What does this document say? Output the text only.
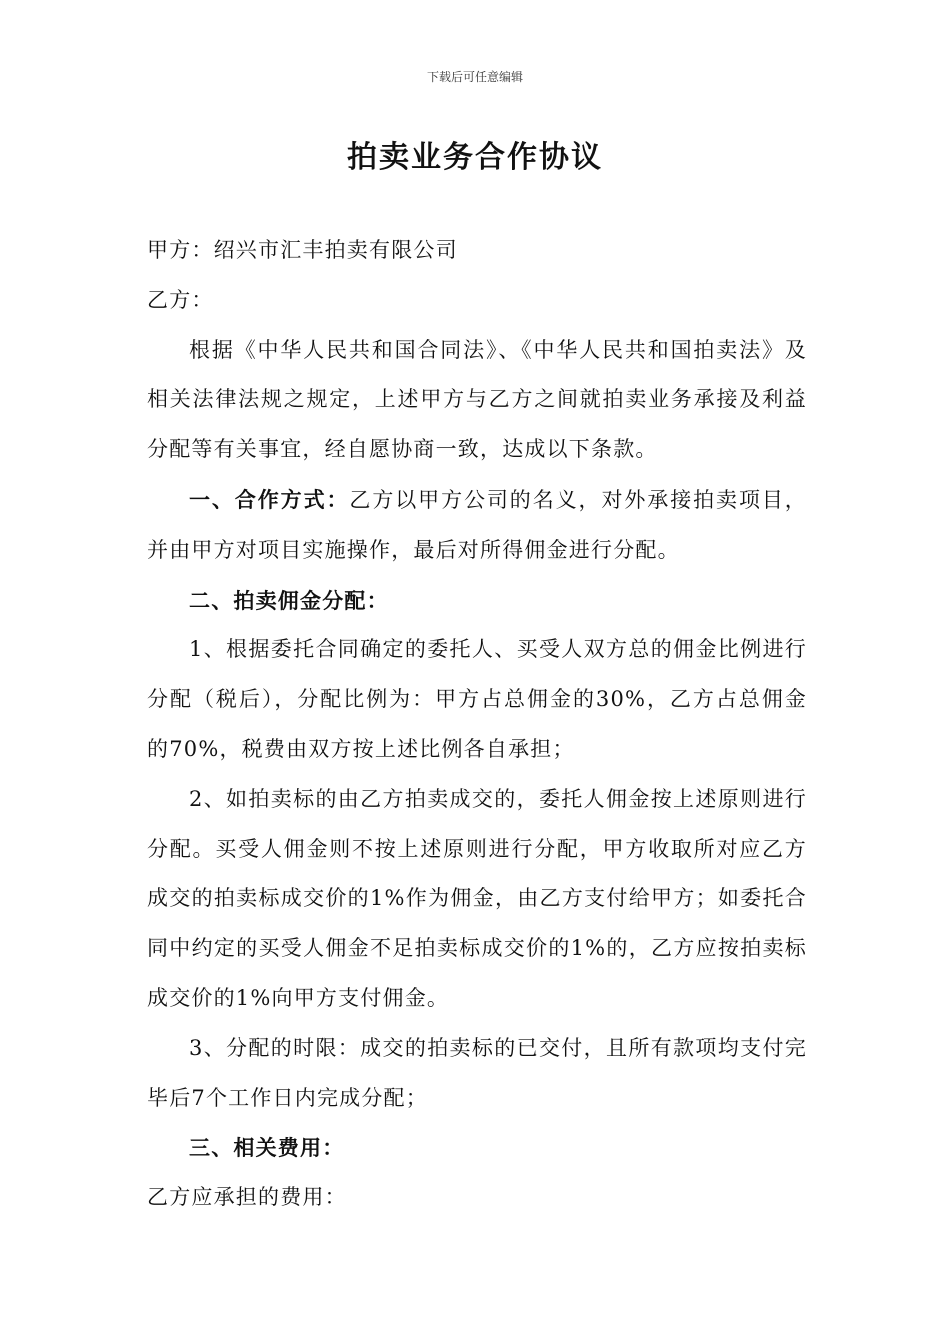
下载后可任意编辑
拍卖业务合作协议

甲方：绍兴市汇丰拍卖有限公司

乙方：

根据《中华人民共和国合同法》、《中华人民共和国拍卖法》及相关法律法规之规定，上述甲方与乙方之间就拍卖业务承接及利益分配等有关事宜，经自愿协商一致，达成以下条款。

一、合作方式：乙方以甲方公司的名义，对外承接拍卖项目，并由甲方对项目实施操作，最后对所得佣金进行分配。

二、拍卖佣金分配：

1、根据委托合同确定的委托人、买受人双方总的佣金比例进行分配（税后），分配比例为：甲方占总佣金的30%，乙方占总佣金的70%，税费由双方按上述比例各自承担；

2、如拍卖标的由乙方拍卖成交的，委托人佣金按上述原则进行分配。买受人佣金则不按上述原则进行分配，甲方收取所对应乙方成交的拍卖标成交价的1%作为佣金，由乙方支付给甲方；如委托合同中约定的买受人佣金不足拍卖标成交价的1%的，乙方应按拍卖标成交价的1%向甲方支付佣金。

3、分配的时限：成交的拍卖标的已交付，且所有款项均支付完毕后7个工作日内完成分配；

三、相关费用：

乙方应承担的费用：
